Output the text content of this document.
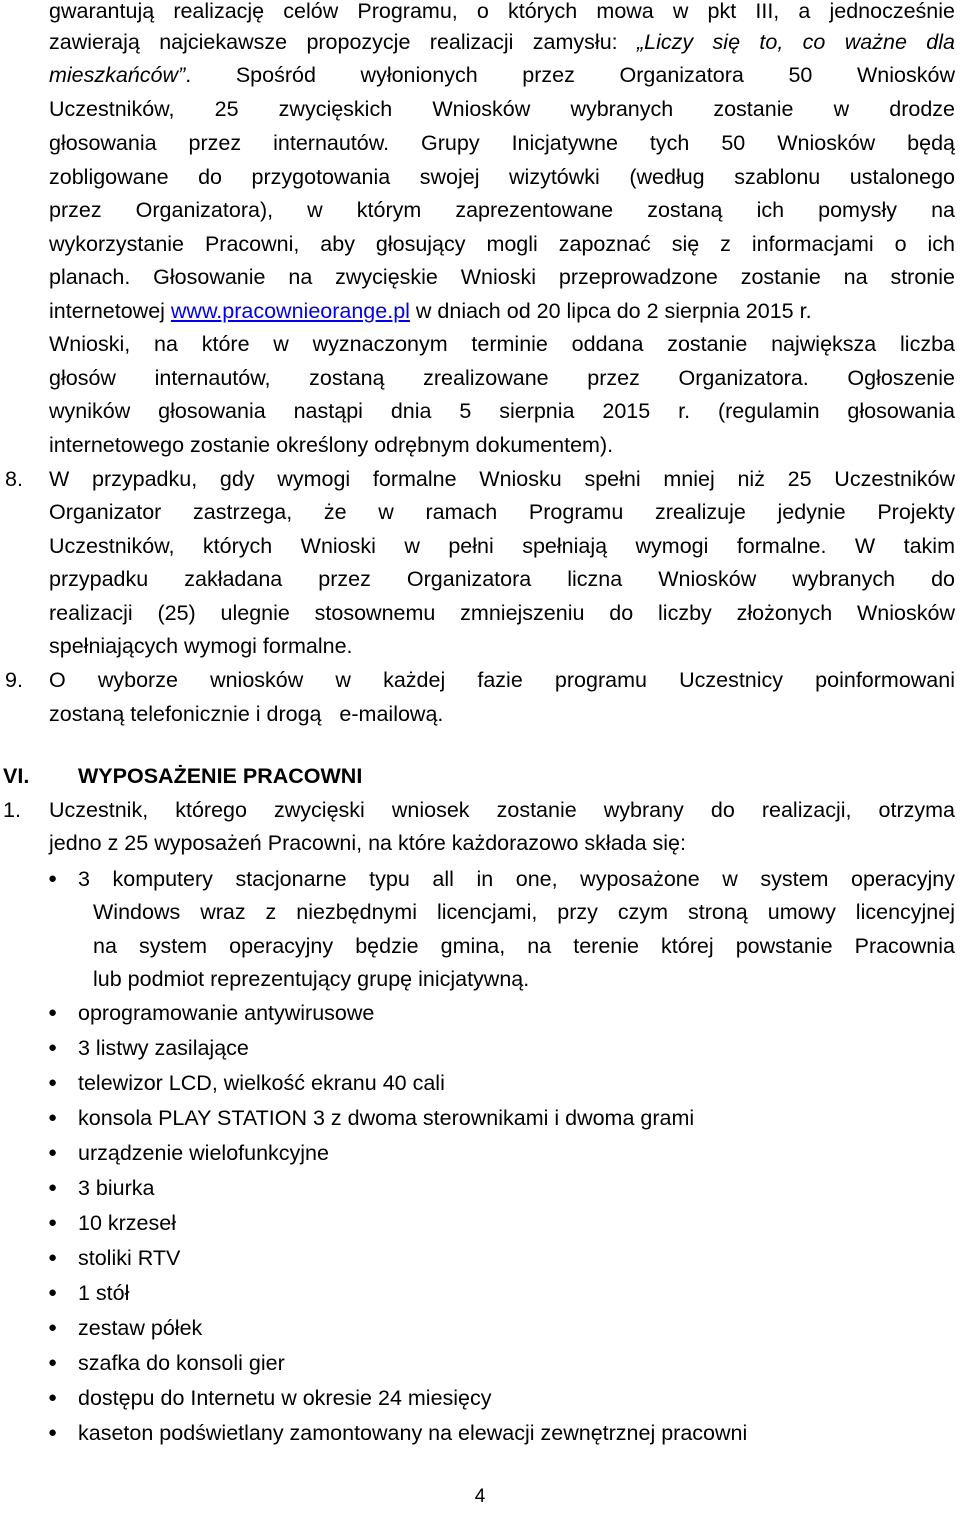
gwarantują realizację celów Programu, o których mowa w pkt III, a jednocześnie
zawierają najciekawsze propozycje realizacji zamysłu: „Liczy się to, co ważne dla
mieszkańców”. Spośród wyłonionych przez Organizatora 50 Wniosków
Uczestników, 25 zwycięskich Wniosków wybranych zostanie w drodze
głosowania przez internautów. Grupy Inicjatywne tych 50 Wniosków będą
zobligowane do przygotowania swojej wizytówki (według szablonu ustalonego
przez Organizatora), w którym zaprezentowane zostaną ich pomysły na
wykorzystanie Pracowni, aby głosujący mogli zapoznać się z informacjami o ich
planach. Głosowanie na zwycięskie Wnioski przeprowadzone zostanie na stronie
internetowej www.pracownieorange.pl w dniach od 20 lipca do 2 sierpnia 2015 r.
Wnioski, na które w wyznaczonym terminie oddana zostanie największa liczba
głosów internautów, zostaną zrealizowane przez Organizatora. Ogłoszenie
wyników głosowania nastąpi dnia 5 sierpnia 2015 r. (regulamin głosowania
internetowego zostanie określony odrębnym dokumentem).
8.	W przypadku, gdy wymogi formalne Wniosku spełni mniej niż 25 Uczestników
Organizator zastrzega, że w ramach Programu zrealizuje jedynie Projekty
Uczestników, których Wnioski w pełni spełniają wymogi formalne. W takim
przypadku zakładana przez Organizatora liczna Wniosków wybranych do
realizacji (25) ulegnie stosownemu zmniejszeniu do liczby złożonych Wniosków
spełniających wymogi formalne.
9.	O wyborze wniosków w każdej fazie programu Uczestnicy poinformowani
zostaną telefonicznie i drogą   e-mailową.
VI.	WYPOSAŻENIE PRACOWNI
1.	Uczestnik, którego zwycięski wniosek zostanie wybrany do realizacji, otrzyma
jedno z 25 wyposażeń Pracowni, na które każdorazowo składa się:
● 3 komputery stacjonarne typu all in one, wyposażone w system operacyjny
Windows wraz z niezbędnymi licencjami, przy czym stroną umowy licencyjnej
na system operacyjny będzie gmina, na terenie której powstanie Pracownia
lub podmiot reprezentujący grupę inicjatywną.
● oprogramowanie antywirusowe
● 3 listwy zasilające
● telewizor LCD, wielkość ekranu 40 cali
● konsola PLAY STATION 3 z dwoma sterownikami i dwoma grami
● urządzenie wielofunkcyjne
● 3 biurka
● 10 krzeseł
● stoliki RTV
● 1 stół
● zestaw półek
● szafka do konsoli gier
● dostępu do Internetu w okresie 24 miesięcy
● kaseton podświetlany zamontowany na elewacji zewnętrznej pracowni
4
